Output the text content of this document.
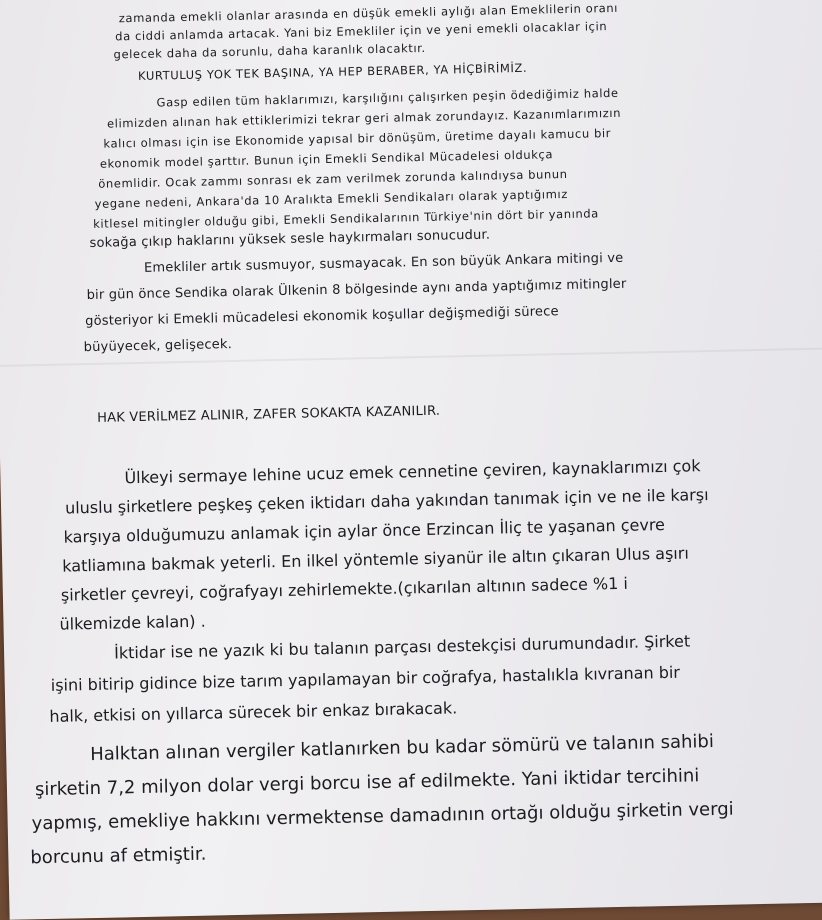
zamanda emekli olanlar arasında en düşük emekli aylığı alan Emeklilerin oranı
da ciddi anlamda artacak. Yani biz Emekliler için ve yeni emekli olacaklar için
gelecek daha da sorunlu, daha karanlık olacaktır.
KURTULUŞ YOK TEK BAŞINA, YA HEP BERABER, YA HİÇBİRİMİZ.
Gasp edilen tüm haklarımızı, karşılığını çalışırken peşin ödediğimiz halde
elimizden alınan hak ettiklerimizi tekrar geri almak zorundayız. Kazanımlarımızın
kalıcı olması için ise Ekonomide yapısal bir dönüşüm, üretime dayalı kamucu bir
ekonomik model şarttır. Bunun için Emekli Sendikal Mücadelesi oldukça
önemlidir. Ocak zammı sonrası ek zam verilmek zorunda kalındıysa bunun
yegane nedeni, Ankara'da 10 Aralıkta Emekli Sendikaları olarak yaptığımız
kitlesel mitingler olduğu gibi, Emekli Sendikalarının Türkiye'nin dört bir yanında
sokağa çıkıp haklarını yüksek sesle haykırmaları sonucudur.
Emekliler artık susmuyor, susmayacak. En son büyük Ankara mitingi ve
bir gün önce Sendika olarak Ülkenin 8 bölgesinde aynı anda yaptığımız mitingler
gösteriyor ki Emekli mücadelesi ekonomik koşullar değişmediği sürece
büyüyecek, gelişecek.
HAK VERİLMEZ ALINIR, ZAFER SOKAKTA KAZANILIR.
Ülkeyi sermaye lehine ucuz emek cennetine çeviren, kaynaklarımızı çok
uluslu şirketlere peşkeş çeken iktidarı daha yakından tanımak için ve ne ile karşı
karşıya olduğumuzu anlamak için aylar önce Erzincan İliç te yaşanan çevre
katliamına bakmak yeterli. En ilkel yöntemle siyanür ile altın çıkaran Ulus aşırı
şirketler çevreyi, coğrafyayı zehirlemekte.(çıkarılan altının sadece %1 i
ülkemizde kalan) .
İktidar ise ne yazık ki bu talanın parçası destekçisi durumundadır. Şirket
işini bitirip gidince bize tarım yapılamayan bir coğrafya, hastalıkla kıvranan bir
halk, etkisi on yıllarca sürecek bir enkaz bırakacak.
Halktan alınan vergiler katlanırken bu kadar sömürü ve talanın sahibi
şirketin 7,2 milyon dolar vergi borcu ise af edilmekte. Yani iktidar tercihini
yapmış, emekliye hakkını vermektense damadının ortağı olduğu şirketin vergi
borcunu af etmiştir.
